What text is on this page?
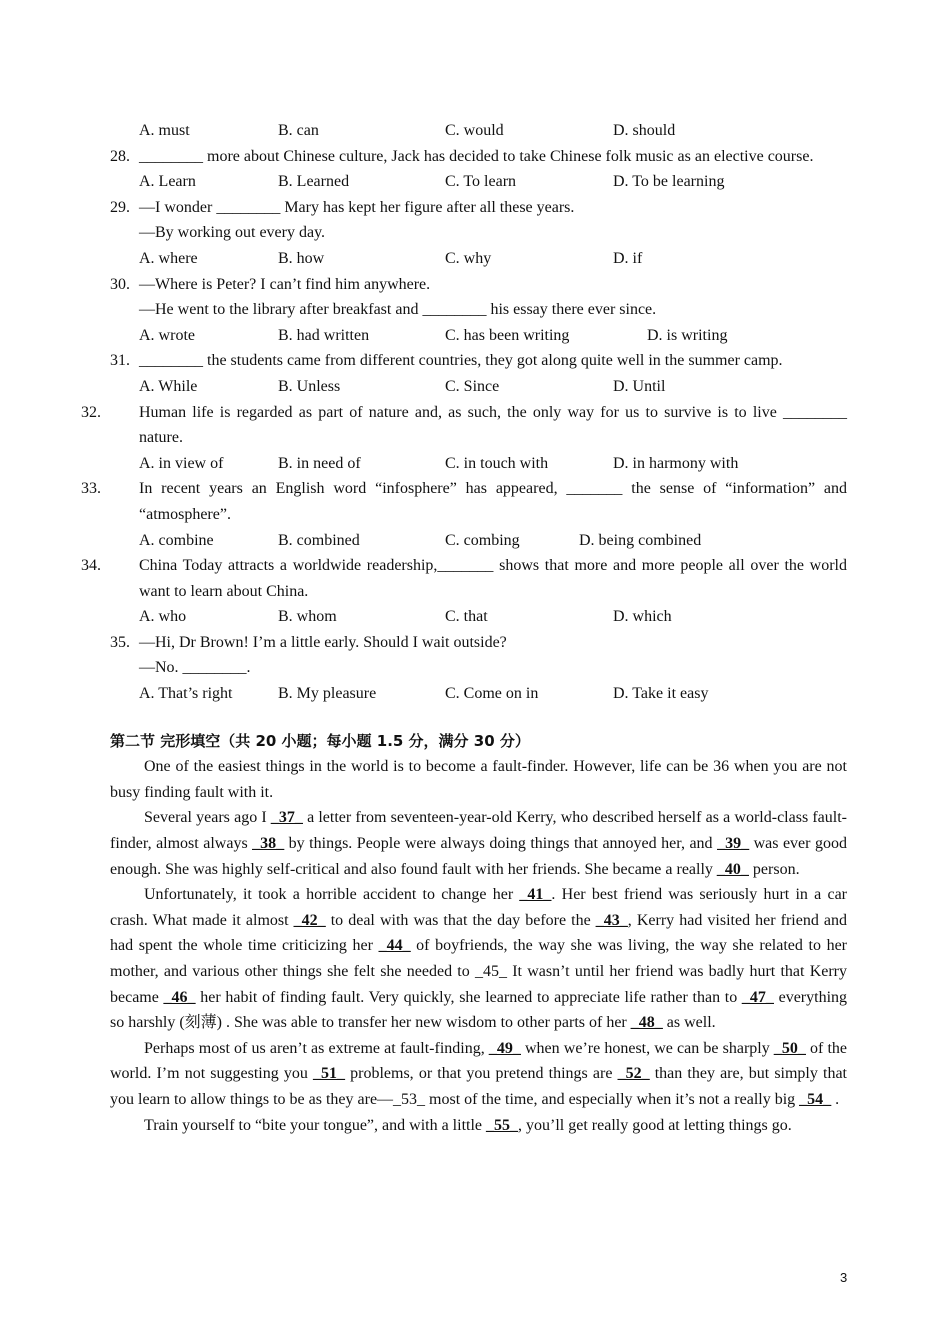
A. must	B. can	C. would	D. should
28. ________ more about Chinese culture, Jack has decided to take Chinese folk music as an elective course.
A. Learn	B. Learned	C. To learn	D. To be learning
29. —I wonder ________ Mary has kept her figure after all these years.
—By working out every day.
A. where	B. how	C. why	D. if
30. —Where is Peter? I can’t find him anywhere.
—He went to the library after breakfast and ________ his essay there ever since.
A. wrote	B. had written	C. has been writing	D. is writing
31. ________ the students came from different countries, they got along quite well in the summer camp.
A. While	B. Unless	C. Since	D. Until
32. Human life is regarded as part of nature and, as such, the only way for us to survive is to live ________ nature.
A. in view of	B. in need of	C. in touch with	D. in harmony with
33. In recent years an English word “infosphere” has appeared, _______ the sense of “information” and “atmosphere”.
A. combine	B. combined	C. combing	D. being combined
34. China Today attracts a worldwide readership,_______ shows that more and more people all over the world want to learn about China.
A. who	B. whom	C. that	D. which
35. —Hi, Dr Brown! I’m a little early. Should I wait outside?
—No. ________.
A. That’s right	B. My pleasure	C. Come on in	D. Take it easy
第二节 完形填空（共 20 小题；每小题 1.5 分，满分 30 分）
One of the easiest things in the world is to become a fault-finder. However, life can be 36 when you are not busy finding fault with it.
Several years ago I _37_ a letter from seventeen-year-old Kerry, who described herself as a world-class fault-finder, almost always _38_ by things. People were always doing things that annoyed her, and _39_ was ever good enough. She was highly self-critical and also found fault with her friends. She became a really _40_ person.
Unfortunately, it took a horrible accident to change her _41_. Her best friend was seriously hurt in a car crash. What made it almost _42_ to deal with was that the day before the _43_, Kerry had visited her friend and had spent the whole time criticizing her _44_ of boyfriends, the way she was living, the way she related to her mother, and various other things she felt she needed to _45_ It wasn’t until her friend was badly hurt that Kerry became _46_ her habit of finding fault. Very quickly, she learned to appreciate life rather than to _47_ everything so harshly (刻薄) . She was able to transfer her new wisdom to other parts of her _48_ as well.
Perhaps most of us aren’t as extreme at fault-finding, _49_ when we’re honest, we can be sharply _50_ of the world. I’m not suggesting you _51_ problems, or that you pretend things are _52_ than they are, but simply that you learn to allow things to be as they are—_53_ most of the time, and especially when it’s not a really big _54_ .
Train yourself to “bite your tongue”, and with a little _55_, you’ll get really good at letting things go.
3
